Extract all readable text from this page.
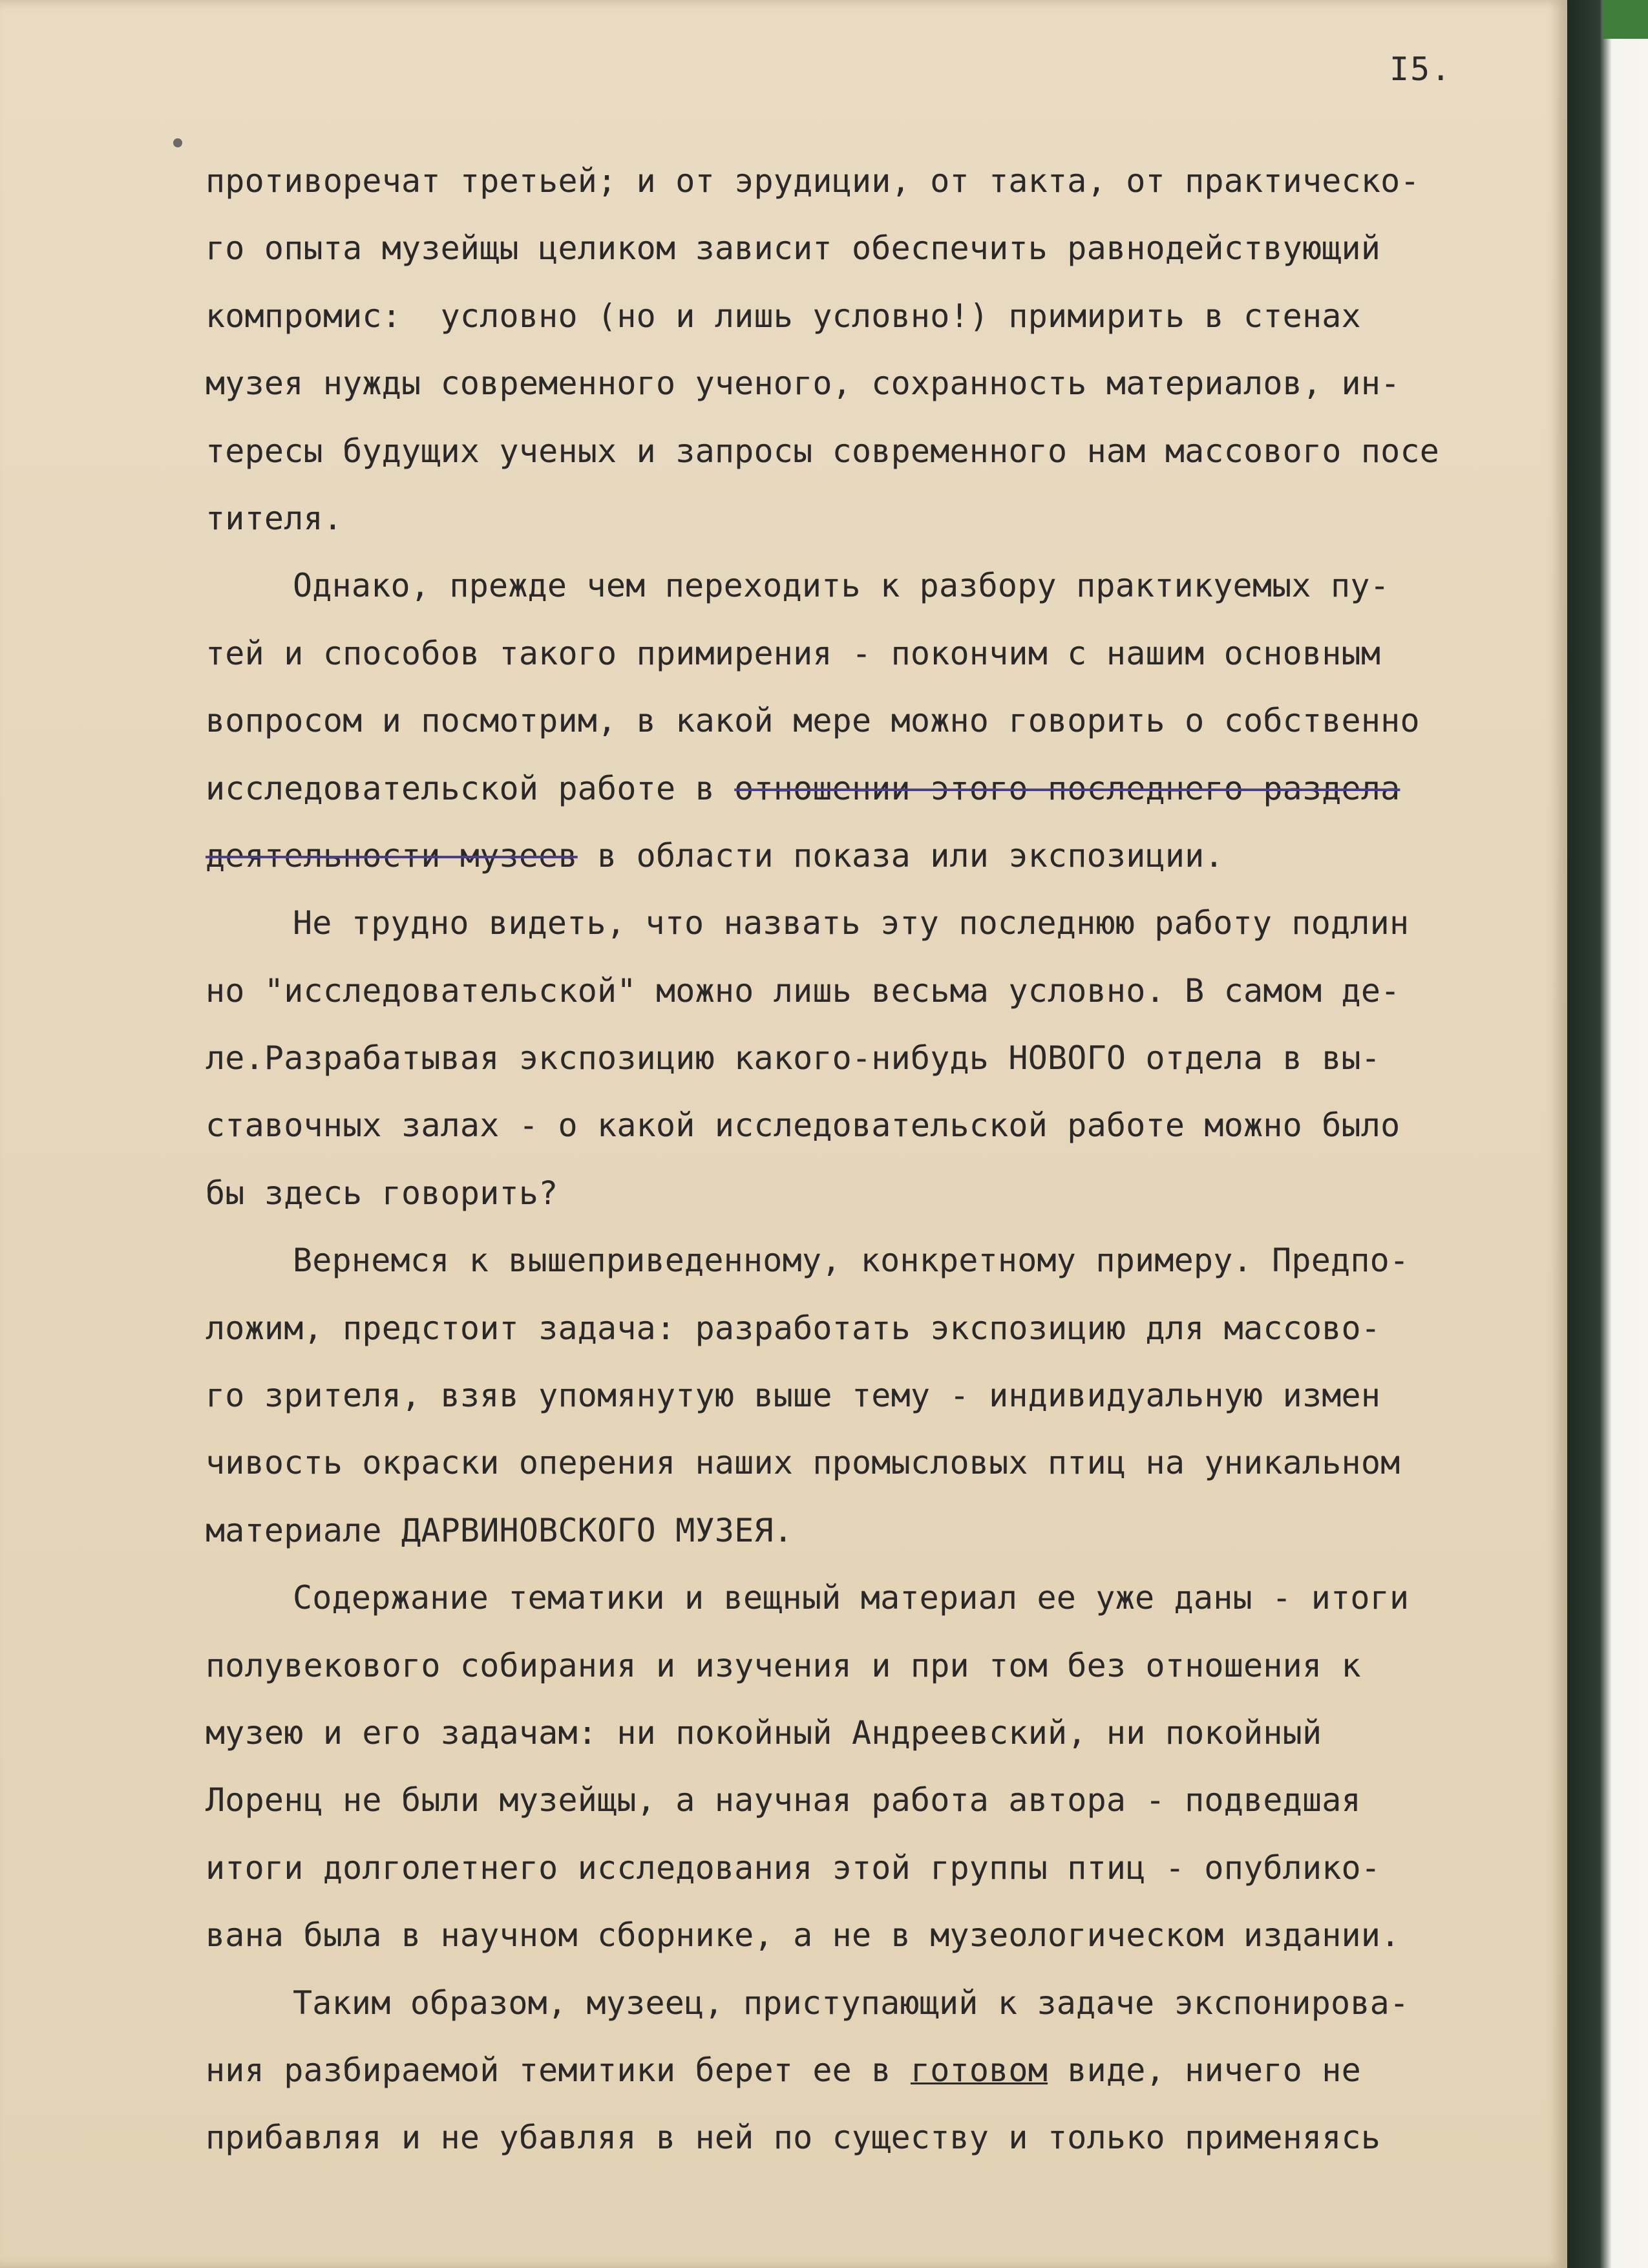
I5.
противоречат третьей; и от эрудиции, от такта, от практическо-
го опыта музейщы целиком зависит обеспечить равнодействующий
компромис:  условно (но и лишь условно!) примирить в стенах
музея нужды современного ученого, сохранность материалов, ин-
тересы будущих ученых и запросы современного нам массового посе
тителя.
Однако, прежде чем переходить к разбору практикуемых пу-
тей и способов такого примирения - покончим с нашим основным
вопросом и посмотрим, в какой мере можно говорить о собственно
исследовательской работе в отношении этого последнего раздела
деятельности музеев в области показа или экспозиции.
Не трудно видеть, что назвать эту последнюю работу подлин
но "исследовательской" можно лишь весьма условно. В самом де-
ле.Разрабатывая экспозицию какого-нибудь НОВОГО отдела в вы-
ставочных залах - о какой исследовательской работе можно было
бы здесь говорить?
Вернемся к вышеприведенному, конкретному примеру. Предпо-
ложим, предстоит задача: разработать экспозицию для массово-
го зрителя, взяв упомянутую выше тему - индивидуальную измен
чивость окраски оперения наших промысловых птиц на уникальном
материале ДАРВИНОВСКОГО МУЗЕЯ.
Содержание тематики и вещный материал ее уже даны - итоги
полувекового собирания и изучения и при том без отношения к
музею и его задачам: ни покойный Андреевский, ни покойный
Лоренц не были музейщы, а научная работа автора - подведшая
итоги долголетнего исследования этой группы птиц - опублико-
вана была в научном сборнике, а не в музеологическом издании.
Таким образом, музеец, приступающий к задаче экспонирова-
ния разбираемой темитики берет ее в готовом виде, ничего не
прибавляя и не убавляя в ней по существу и только применяясь
